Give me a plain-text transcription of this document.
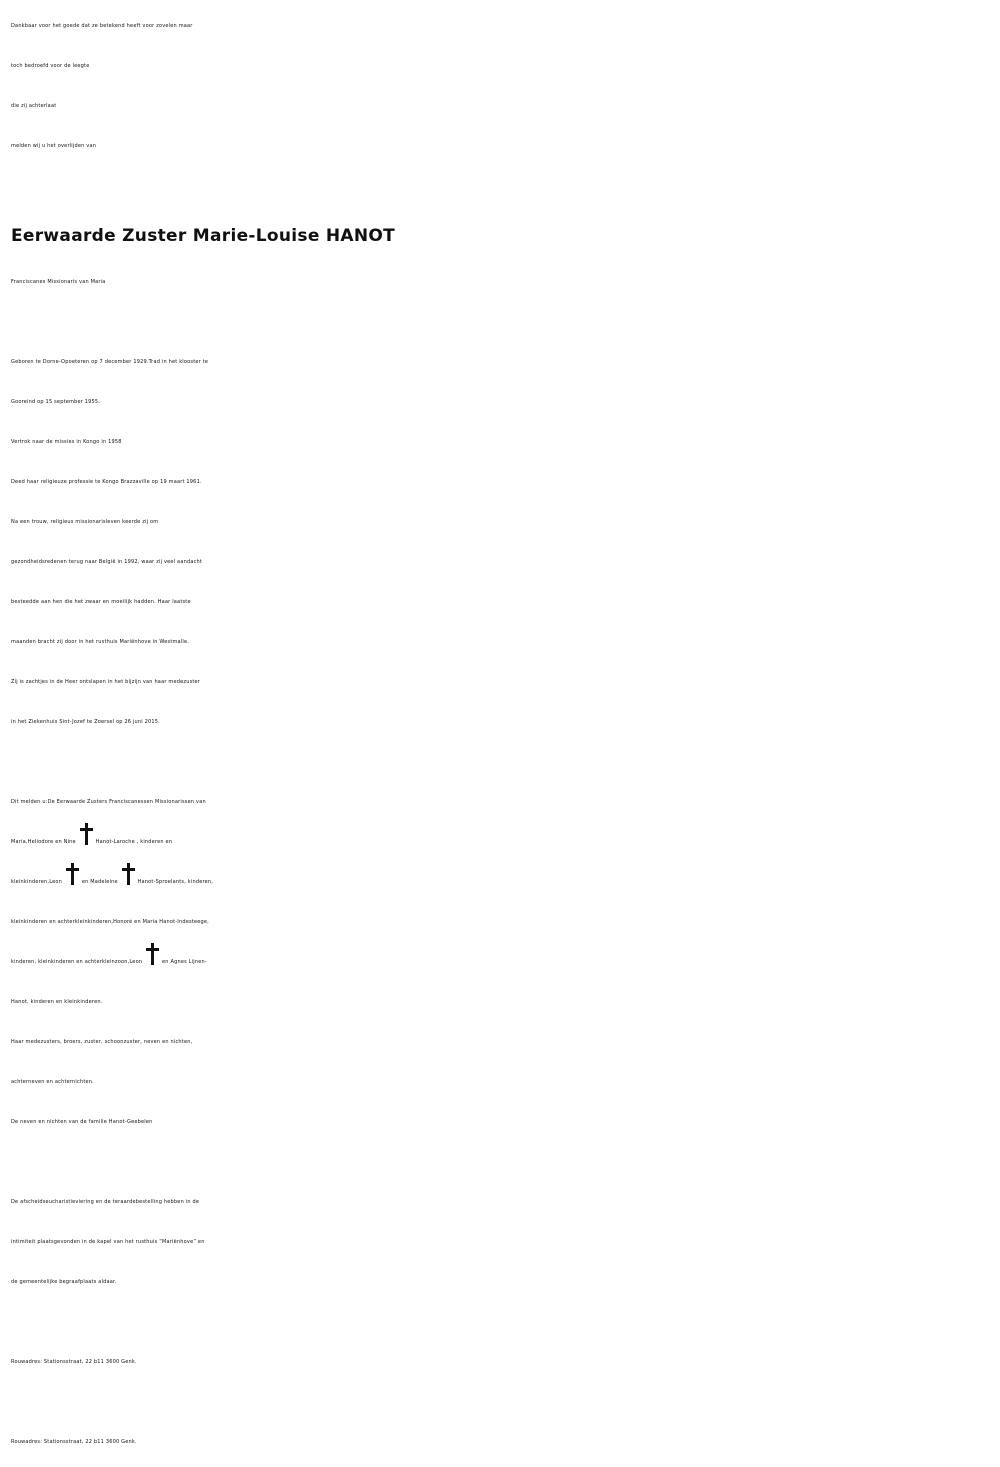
Dankbaar voor het goede dat ze betekend heeft voor zovelen maar
toch bedroefd voor de leegte
die zij achterlaat
melden wij u het overlijden van
Eerwaarde Zuster Marie-Louise HANOT
Franciscanes Missionaris van Maria
Geboren te Dorne-Opoeteren op 7 december 1929.Trad in het klooster te
Gooreind op 15 september 1955.
Vertrok naar de missies in Kongo in 1958
Deed haar religieuze professie te Kongo Brazzaville op 19 maart 1961.
Na een trouw, religieus missionarisleven keerde zij om
gezondheidsredenen terug naar België in 1992, waar zij veel aandacht
besteedde aan hen die het zwaar en moeilijk hadden. Haar laatste
maanden bracht zij door in het rusthuis Mariënhove in Westmalle.
Zij is zachtjes in de Heer ontslapen in het bijzijn van haar medezuster
in het Ziekenhuis Sint-Jozef te Zoersel op 26 juni 2015.
Dit melden u:De Eerwaarde Zusters Franciscanessen Missionarissen van
Maria,Heliodore en Nine	Hanot-Laroche , kinderen en
kleinkinderen,Leon	en Madeleine	Hanot-Sproelants, kinderen,
kleinkinderen en achterkleinkinderen,Honoré en Maria Hanot-Indesteege,
kinderen, kleinkinderen en achterkleinzoon,Leon	en Agnes Lijnen-
Hanot, kinderen en kleinkinderen.
Haar medezusters, broers, zuster, schoonzuster, neven en nichten,
achterneven en achternichten.
De neven en nichten van de familie Hanot-Geebelen
De afscheidseucharistieviering en de teraardebestelling hebben in de
intimiteit plaatsgevonden in de kapel van het rusthuis “Mariënhove” en
de gemeentelijke begraafplaats aldaar.
Rouwadres: Stationsstraat, 22 b11 3600 Genk.
Rouwadres: Stationsstraat, 22 b11 3600 Genk.
